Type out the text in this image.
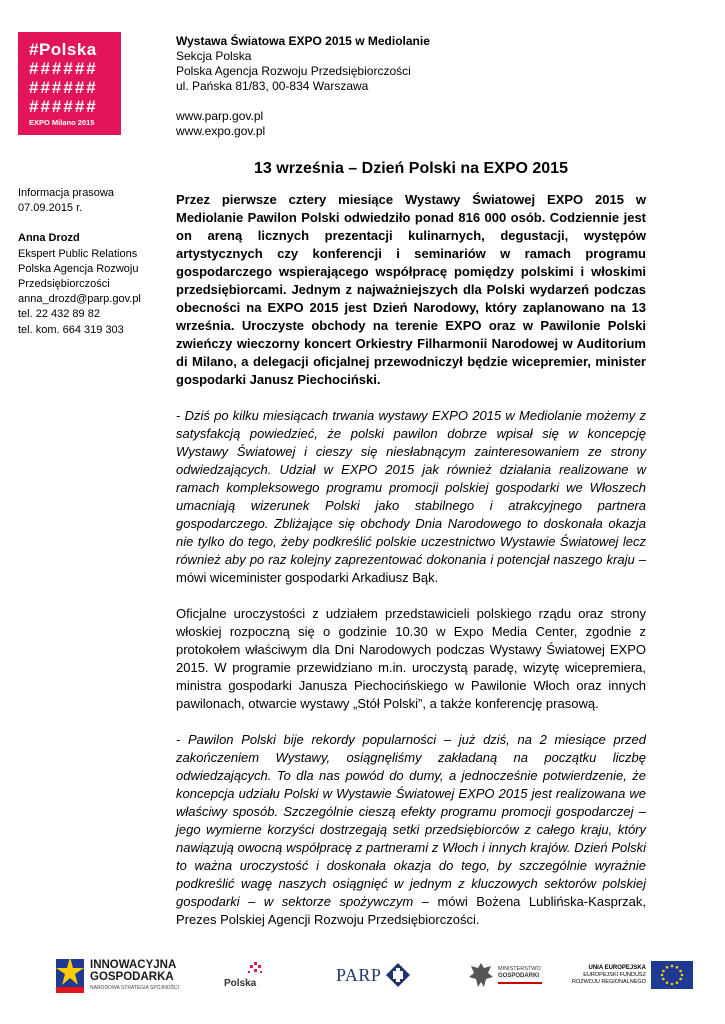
#Polska
######
######
######
EXPO Milano 2015
Wystawa Światowa EXPO 2015 w Mediolanie
Sekcja Polska
Polska Agencja Rozwoju Przedsiębiorczości
ul. Pańska 81/83, 00-834 Warszawa
www.parp.gov.pl
www.expo.gov.pl
13 września – Dzień Polski na EXPO 2015
Informacja prasowa
07.09.2015 r.
Anna Drozd
Ekspert Public Relations
Polska Agencja Rozwoju
Przedsiębiorczości
anna_drozd@parp.gov.pl
tel. 22 432 89 82
tel. kom. 664 319 303

Przez pierwsze cztery miesiące Wystawy Światowej EXPO 2015 w Mediolanie Pawilon Polski odwiedziło ponad 816 000 osób. Codziennie jest on areną licznych prezentacji kulinarnych, degustacji, występów artystycznych czy konferencji i seminariów w ramach programu gospodarczego wspierającego współpracę pomiędzy polskimi i włoskimi przedsiębiorcami. Jednym z najważniejszych dla Polski wydarzeń podczas obecności na EXPO 2015 jest Dzień Narodowy, który zaplanowano na 13 września. Uroczyste obchody na terenie EXPO oraz w Pawilonie Polski zwieńczy wieczorny koncert Orkiestry Filharmonii Narodowej w Auditorium di Milano, a delegacji oficjalnej przewodniczył będzie wicepremier, minister gospodarki Janusz Piechociński.

- Dziś po kilku miesiącach trwania wystawy EXPO 2015 w Mediolanie możemy z satysfakcją powiedzieć, że polski pawilon dobrze wpisał się w koncepcję Wystawy Światowej i cieszy się niesłabnącym zainteresowaniem ze strony odwiedzających. Udział w EXPO 2015 jak również działania realizowane w ramach kompleksowego programu promocji polskiej gospodarki we Włoszech umacniają wizerunek Polski jako stabilnego i atrakcyjnego partnera gospodarczego. Zbliżające się obchody Dnia Narodowego to doskonała okazja nie tylko do tego, żeby podkreślić polskie uczestnictwo Wystawie Światowej lecz również aby po raz kolejny zaprezentować dokonania i potencjał naszego kraju – mówi wiceminister gospodarki Arkadiusz Bąk.

Oficjalne uroczystości z udziałem przedstawicieli polskiego rządu oraz strony włoskiej rozpoczną się o godzinie 10.30 w Expo Media Center, zgodnie z protokołem właściwym dla Dni Narodowych podczas Wystawy Światowej EXPO 2015. W programie przewidziano m.in. uroczystą paradę, wizytę wicepremiera, ministra gospodarki Janusza Piechocińskiego w Pawilonie Włoch oraz innych pawilonach, otwarcie wystawy „Stół Polski”, a także konferencję prasową.

- Pawilon Polski bije rekordy popularności – już dziś, na 2 miesiące przed zakończeniem Wystawy, osiągnęliśmy zakładaną na początku liczbę odwiedzających. To dla nas powód do dumy, a jednocześnie potwierdzenie, że koncepcja udziału Polski w Wystawie Światowej EXPO 2015 jest realizowana we właściwy sposób. Szczególnie cieszą efekty programu promocji gospodarczej – jego wymierne korzyści dostrzegają setki przedsiębiorców z całego kraju, który nawiązują owocną współpracę z partnerami z Włoch i innych krajów. Dzień Polski to ważna uroczystość i doskonała okazja do tego, by szczególnie wyraźnie podkreślić wagę naszych osiągnięć w jednym z kluczowych sektorów polskiej gospodarki – w sektorze spożywczym – mówi Bożena Lublińska-Kasprzak, Prezes Polskiej Agencji Rozwoju Przedsiębiorczości.

INNOWACYJNA
GOSPODARKA
NARODOWA STRATEGIA SPÓJNOŚCI	Polska	PARP	MINISTERSTWO
GOSPODARKI
UNIA EUROPEJSKA
EUROPEJSKI FUNDUSZ
ROZWOJU REGIONALNEGO
